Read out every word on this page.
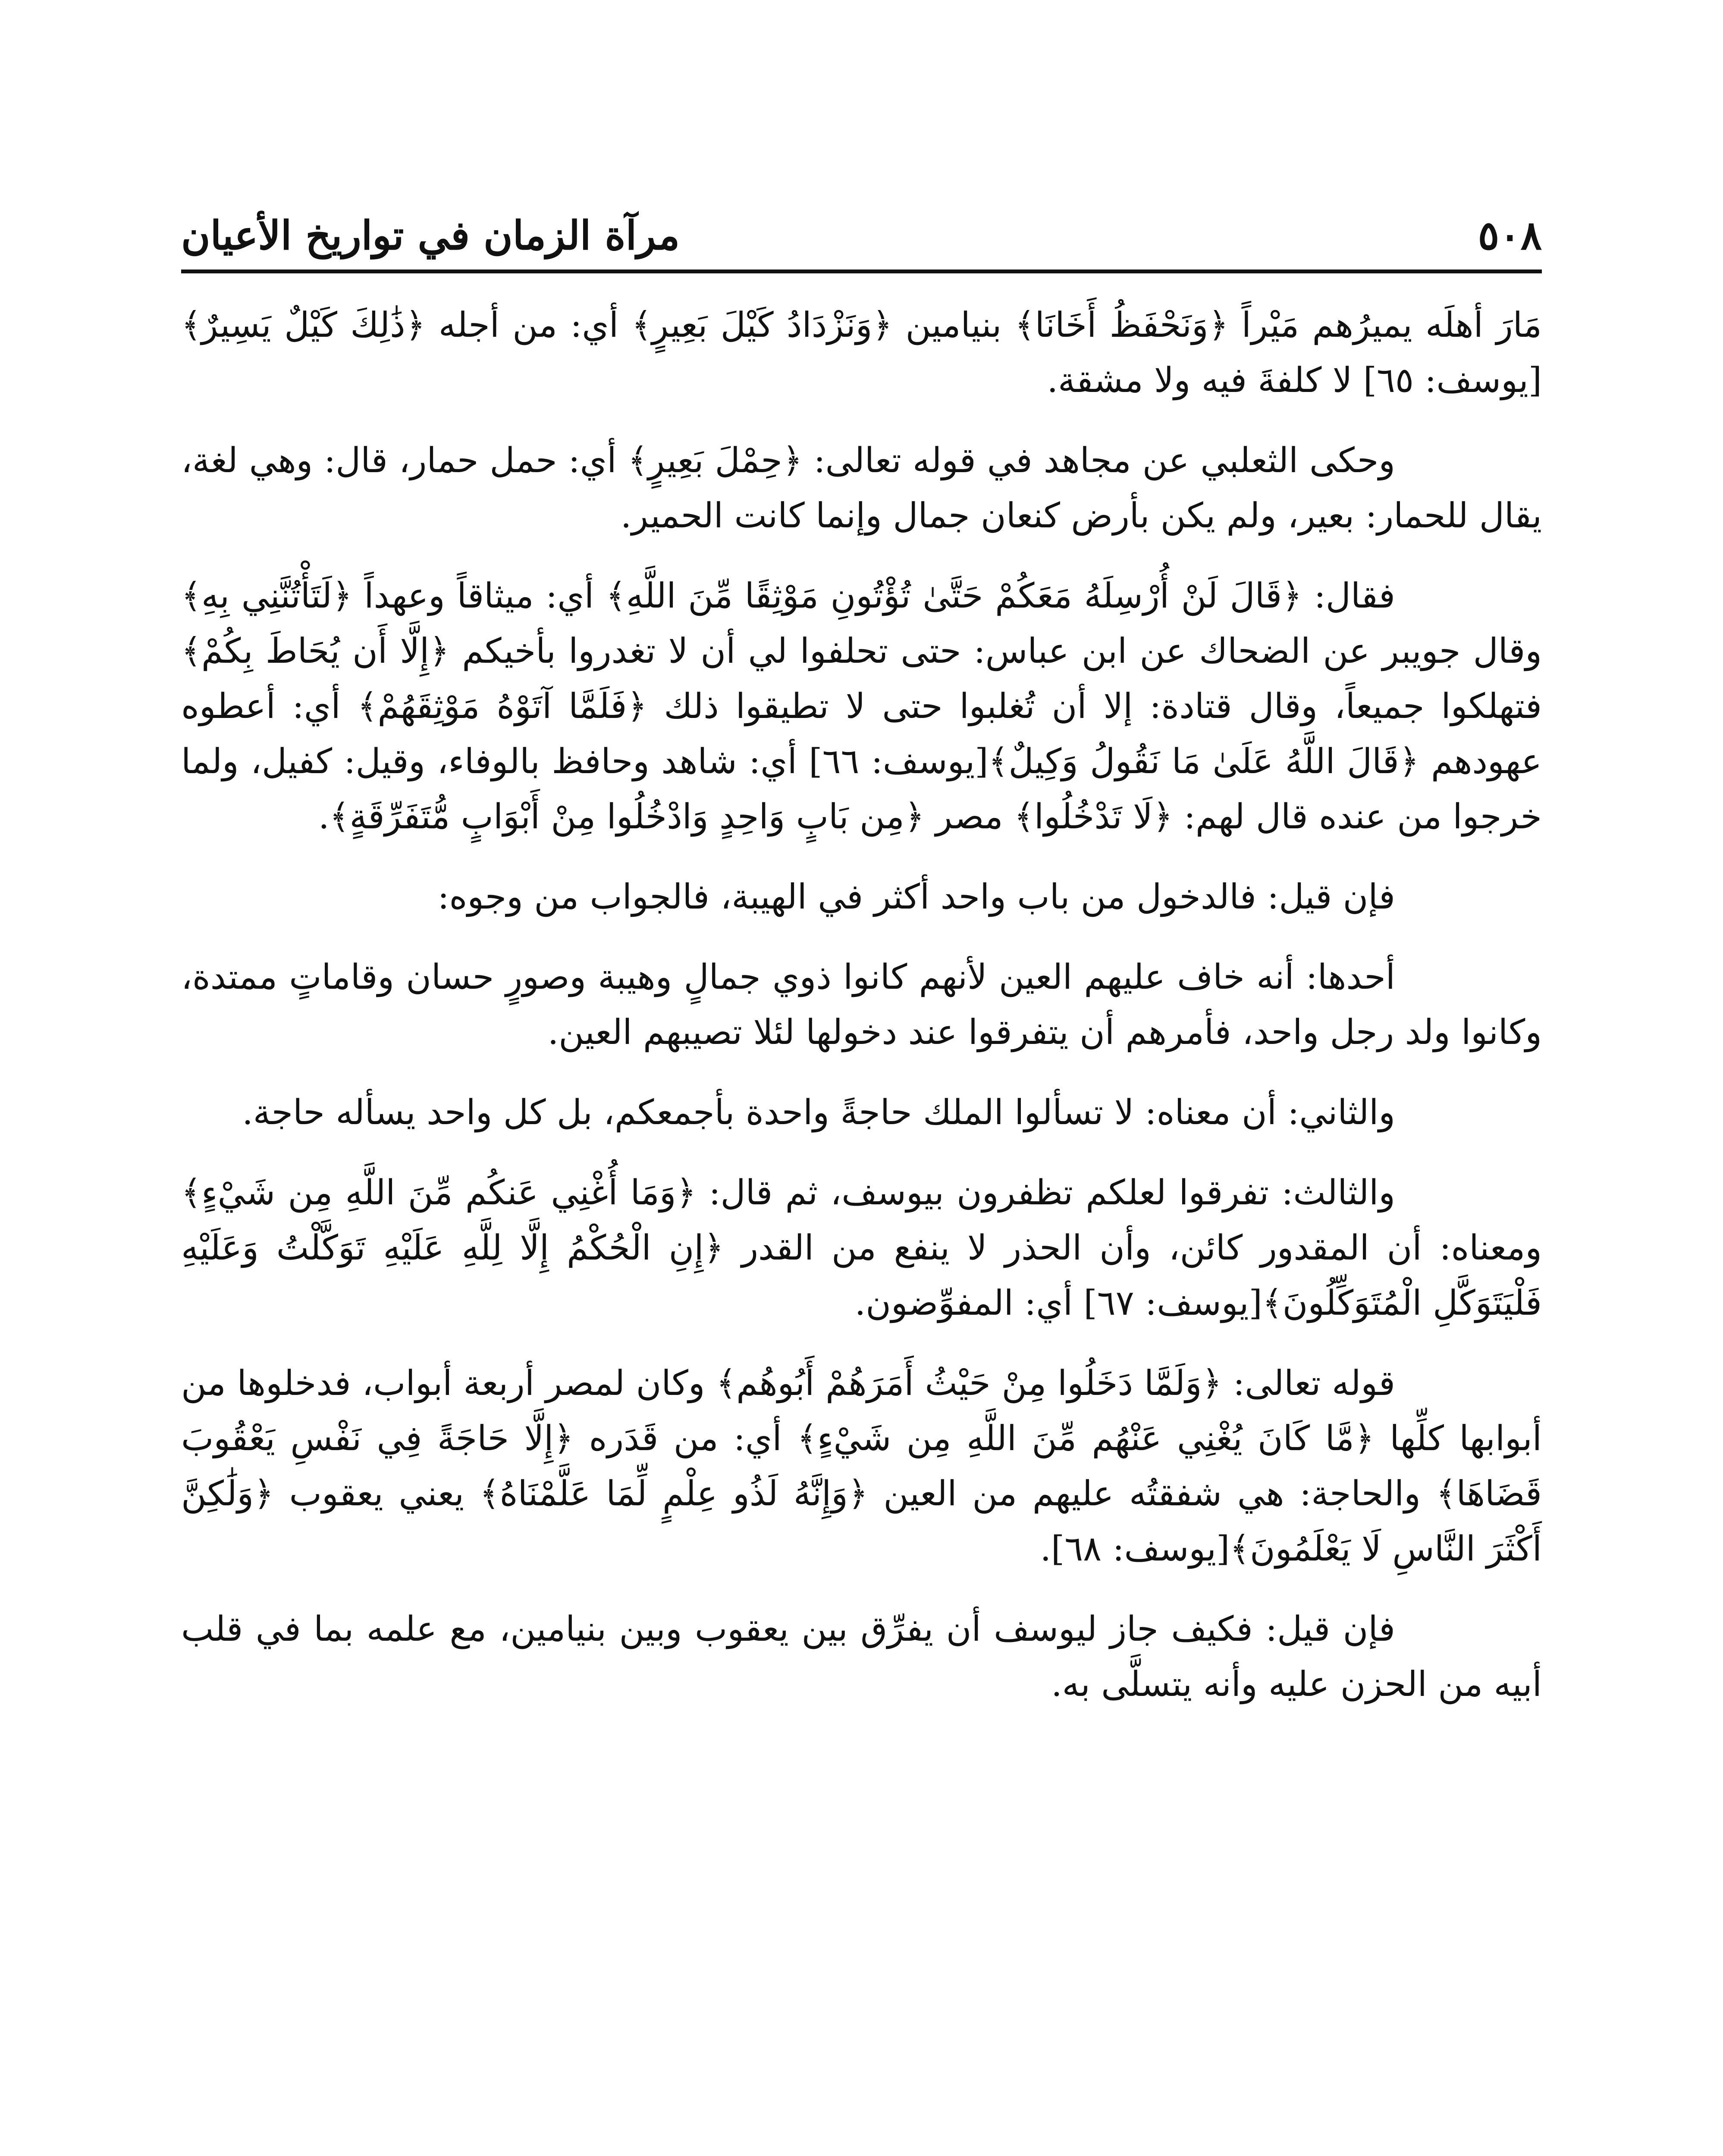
٥٠٨
مرآة الزمان في تواريخ الأعيان

مَارَ أهلَه يميرُهم مَيْراً ﴿وَنَحْفَظُ أَخَانَا﴾ بنيامين ﴿وَنَزْدَادُ كَيْلَ بَعِيرٍ﴾ أي: من أجله ﴿ذَٰلِكَ كَيْلٌ يَسِيرٌ﴾[يوسف: ٦٥] لا كلفةَ فيه ولا مشقة.

وحكى الثعلبي عن مجاهد في قوله تعالى: ﴿حِمْلَ بَعِيرٍ﴾ أي: حمل حمار، قال: وهي لغة، يقال للحمار: بعير، ولم يكن بأرض كنعان جمال وإنما كانت الحمير.

فقال: ﴿قَالَ لَنْ أُرْسِلَهُ مَعَكُمْ حَتَّىٰ تُؤْتُونِ مَوْثِقًا مِّنَ اللَّهِ﴾ أي: ميثاقاً وعهداً ﴿لَتَأْتُنَّنِي بِهِ﴾ وقال جويبر عن الضحاك عن ابن عباس: حتى تحلفوا لي أن لا تغدروا بأخيكم ﴿إِلَّا أَن يُحَاطَ بِكُمْ﴾ فتهلكوا جميعاً، وقال قتادة: إلا أن تُغلبوا حتى لا تطيقوا ذلك ﴿فَلَمَّا آتَوْهُ مَوْثِقَهُمْ﴾ أي: أعطوه عهودهم ﴿قَالَ اللَّهُ عَلَىٰ مَا نَقُولُ وَكِيلٌ﴾[يوسف: ٦٦] أي: شاهد وحافظ بالوفاء، وقيل: كفيل، ولما خرجوا من عنده قال لهم: ﴿لَا تَدْخُلُوا﴾ مصر ﴿مِن بَابٍ وَاحِدٍ وَادْخُلُوا مِنْ أَبْوَابٍ مُّتَفَرِّقَةٍ﴾.

فإن قيل: فالدخول من باب واحد أكثر في الهيبة، فالجواب من وجوه:

أحدها: أنه خاف عليهم العين لأنهم كانوا ذوي جمالٍ وهيبة وصورٍ حسان وقاماتٍ ممتدة، وكانوا ولد رجل واحد، فأمرهم أن يتفرقوا عند دخولها لئلا تصيبهم العين.

والثاني: أن معناه: لا تسألوا الملك حاجةً واحدة بأجمعكم، بل كل واحد يسأله حاجة.

والثالث: تفرقوا لعلكم تظفرون بيوسف، ثم قال: ﴿وَمَا أُغْنِي عَنكُم مِّنَ اللَّهِ مِن شَيْءٍ﴾ ومعناه: أن المقدور كائن، وأن الحذر لا ينفع من القدر ﴿إِنِ الْحُكْمُ إِلَّا لِلَّهِ عَلَيْهِ تَوَكَّلْتُ وَعَلَيْهِ فَلْيَتَوَكَّلِ الْمُتَوَكِّلُونَ﴾[يوسف: ٦٧] أي: المفوِّضون.

قوله تعالى: ﴿وَلَمَّا دَخَلُوا مِنْ حَيْثُ أَمَرَهُمْ أَبُوهُم﴾ وكان لمصر أربعة أبواب، فدخلوها من أبوابها كلِّها ﴿مَّا كَانَ يُغْنِي عَنْهُم مِّنَ اللَّهِ مِن شَيْءٍ﴾ أي: من قَدَره ﴿إِلَّا حَاجَةً فِي نَفْسِ يَعْقُوبَ قَضَاهَا﴾ والحاجة: هي شفقتُه عليهم من العين ﴿وَإِنَّهُ لَذُو عِلْمٍ لِّمَا عَلَّمْنَاهُ﴾ يعني يعقوب ﴿وَلَٰكِنَّ أَكْثَرَ النَّاسِ لَا يَعْلَمُونَ﴾[يوسف: ٦٨].

فإن قيل: فكيف جاز ليوسف أن يفرِّق بين يعقوب وبين بنيامين، مع علمه بما في قلب أبيه من الحزن عليه وأنه يتسلَّى به.
